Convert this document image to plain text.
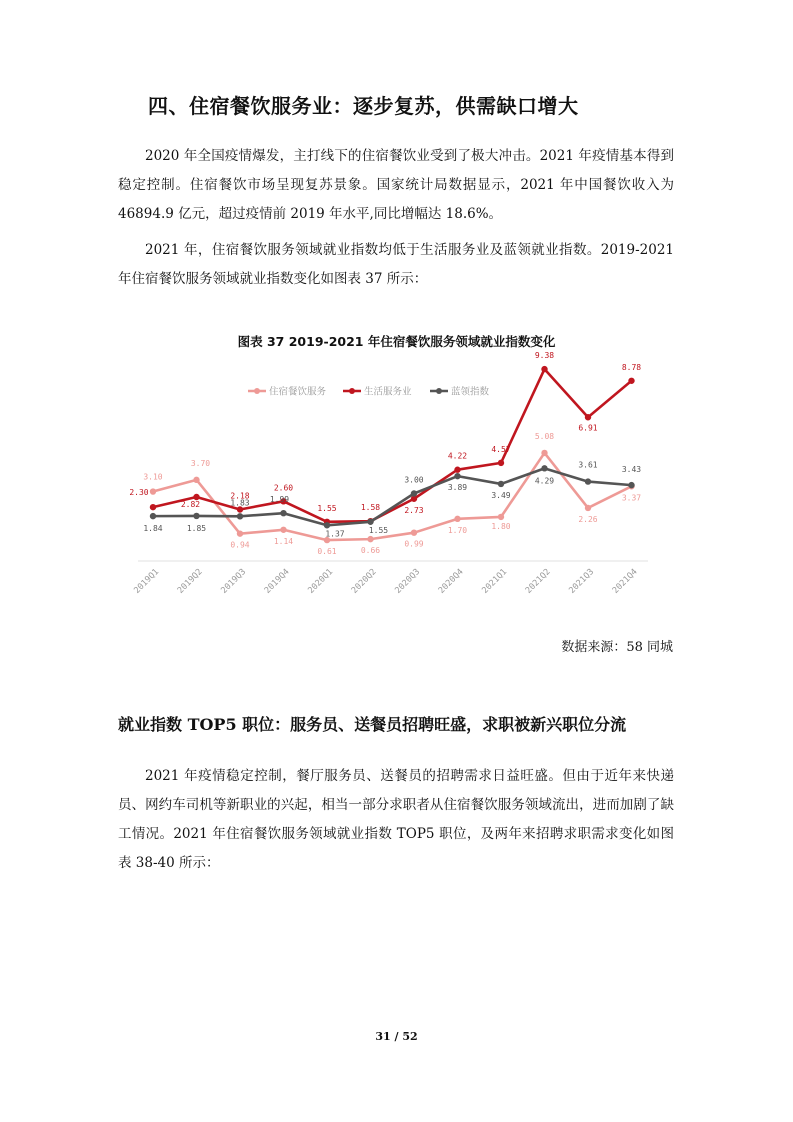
四、住宿餐饮服务业：逐步复苏，供需缺口增大

2020 年全国疫情爆发，主打线下的住宿餐饮业受到了极大冲击。2021 年疫情基本得到稳定控制。住宿餐饮市场呈现复苏景象。国家统计局数据显示，2021 年中国餐饮收入为 46894.9 亿元，超过疫情前 2019 年水平,同比增幅达 18.6%。

2021 年，住宿餐饮服务领域就业指数均低于生活服务业及蓝领就业指数。2019-2021 年住宿餐饮服务领域就业指数变化如图表 37 所示：

图表 37 2019-2021 年住宿餐饮服务领域就业指数变化

住宿餐饮服务	生活服务业	蓝领指数
3.10
3.70
0.94	1.14
0.61	0.66
0.99
1.70	1.80
5.08
2.26
3.37
2.30
2.82
2.18
2.60
1.55	1.58	2.73
4.22
4.57
9.38
6.91
8.78
1.84	1.85
1.83	1.99
1.37	1.55
3.00
3.89
3.49
4.29
3.61
3.43
2019Q1 2019Q2 2019Q3 2019Q4 2020Q1 2020Q2 2020Q3 2020Q4 2021Q1 2021Q2 2021Q3 2021Q4

数据来源：58 同城

就业指数 TOP5 职位：服务员、送餐员招聘旺盛，求职被新兴职位分流

2021 年疫情稳定控制，餐厅服务员、送餐员的招聘需求日益旺盛。但由于近年来快递员、网约车司机等新职业的兴起，相当一部分求职者从住宿餐饮服务领域流出，进而加剧了缺工情况。2021 年住宿餐饮服务领域就业指数 TOP5 职位，及两年来招聘求职需求变化如图表 38-40 所示：

31 / 52
